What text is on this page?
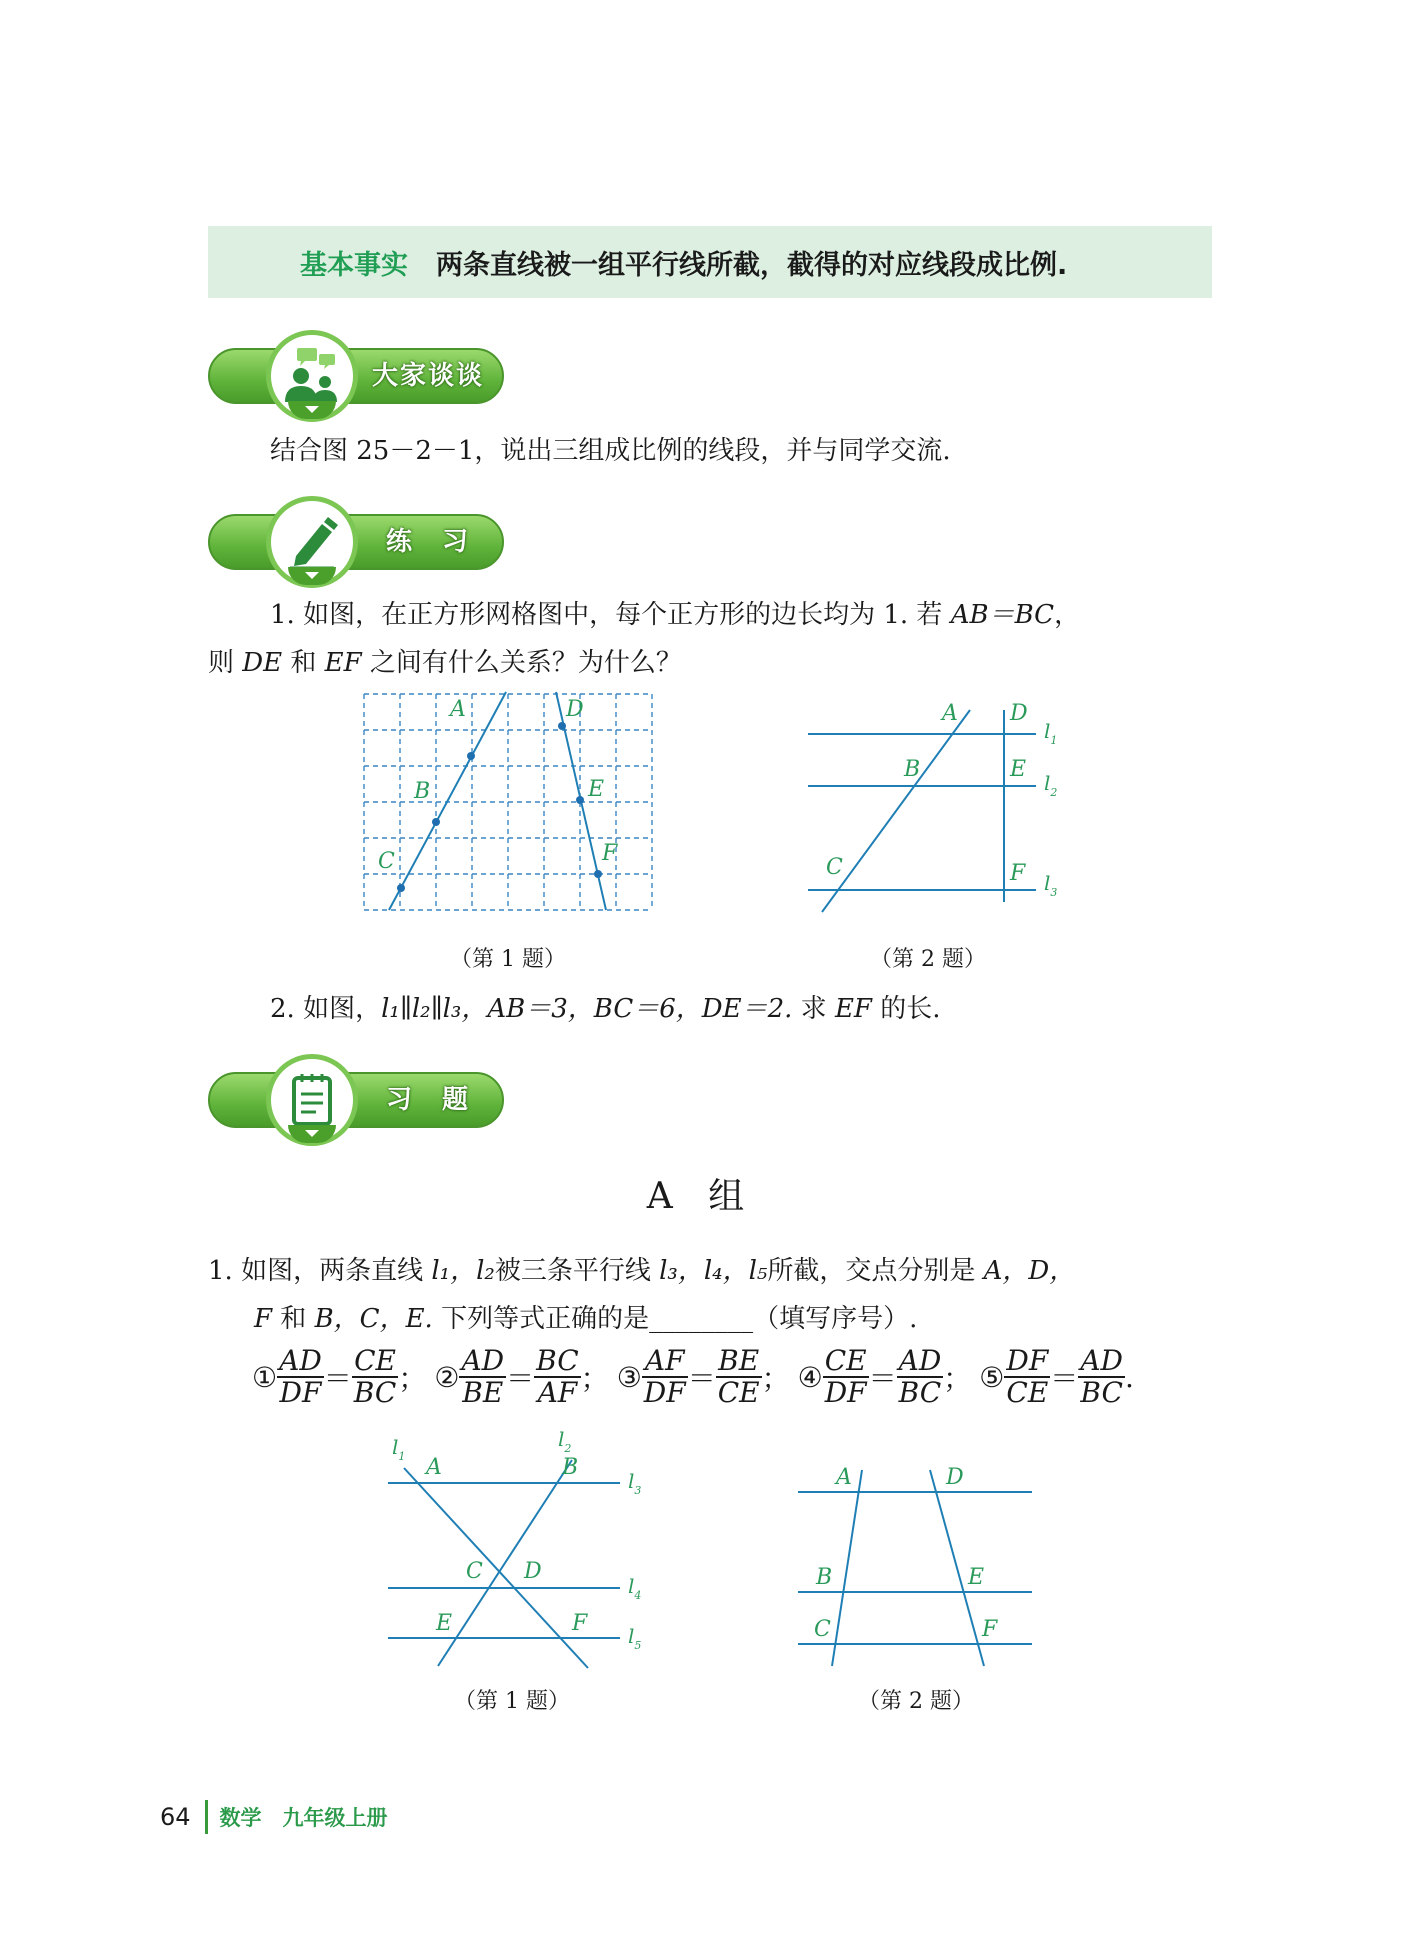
基本事实 两条直线被一组平行线所截，截得的对应线段成比例.
大家谈谈
结合图 25－2－1，说出三组成比例的线段，并与同学交流.
练　习
1. 如图，在正方形网格图中，每个正方形的边长均为 1. 若 AB＝BC，
则 DE 和 EF 之间有什么关系？为什么？
A
B
C
D
E
F
A
B
C
D
E
F
$l_1$
$l_2$
$l_3$
（第 1 题）	（第 2 题）
2. 如图，l₁∥l₂∥l₃，AB＝3，BC＝6，DE＝2. 求 EF 的长.
习　题
A 组
1. 如图，两条直线 l₁，l₂被三条平行线 l₃，l₄，l₅所截，交点分别是 A，D，
F 和 B，C，E. 下列等式正确的是________（填写序号）.
① $\frac{AD}{DF} = \frac{CE}{BC}$ ； ② $\frac{AD}{BE} = \frac{BC}{AF}$ ； ③ $\frac{AF}{DF} = \frac{BE}{CE}$ ； ④ $\frac{CE}{DF} = \frac{AD}{BC}$ ； ⑤ $\frac{DF}{CE} = \frac{AD}{BC}$ .
$l_1$
$l_2$
$l_3$
$l_4$
$l_5$
A	B
C D
E	F
A	D
B	E
C	F
（第 1 题）	（第 2 题）
64 数学　九年级上册
